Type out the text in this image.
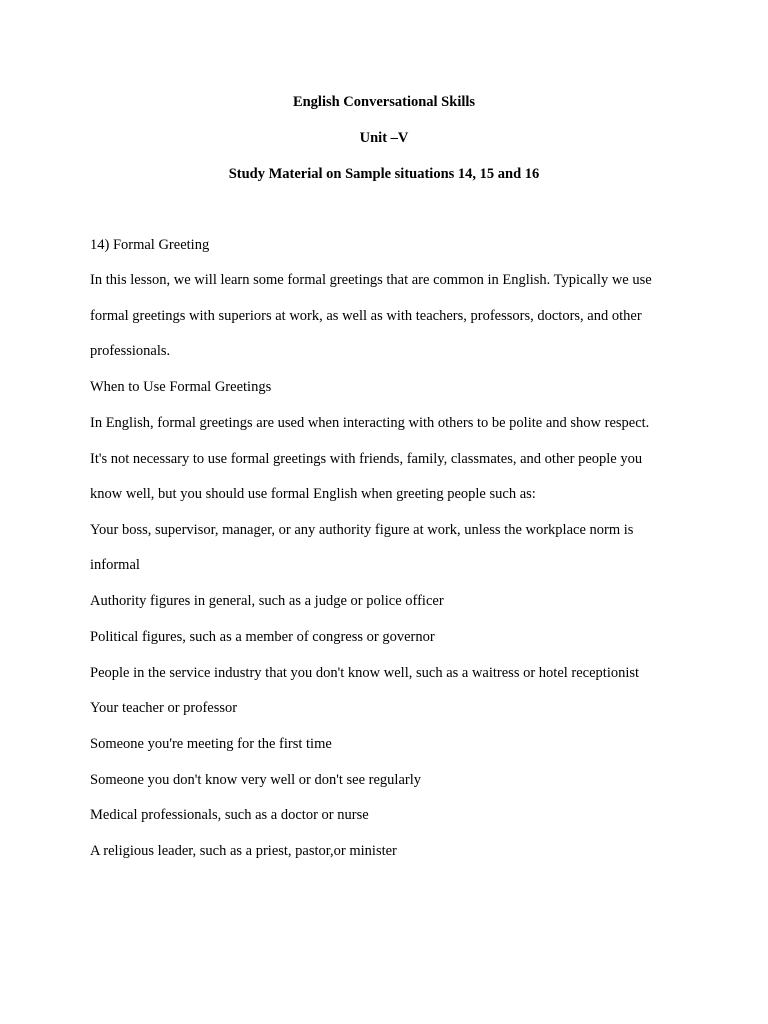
English Conversational Skills

Unit –V

Study Material on Sample situations 14, 15 and 16

14) Formal Greeting

In this lesson, we will learn some formal greetings that are common in English. Typically we use

formal greetings with superiors at work, as well as with teachers, professors, doctors, and other

professionals.

When to Use Formal Greetings

In English, formal greetings are used when interacting with others to be polite and show respect.

It's not necessary to use formal greetings with friends, family, classmates, and other people you

know well, but you should use formal English when greeting people such as:

Your boss, supervisor, manager, or any authority figure at work, unless the workplace norm is

informal

Authority figures in general, such as a judge or police officer

Political figures, such as a member of congress or governor

People in the service industry that you don't know well, such as a waitress or hotel receptionist

Your teacher or professor

Someone you're meeting for the first time

Someone you don't know very well or don't see regularly

Medical professionals, such as a doctor or nurse

A religious leader, such as a priest, pastor,or minister
